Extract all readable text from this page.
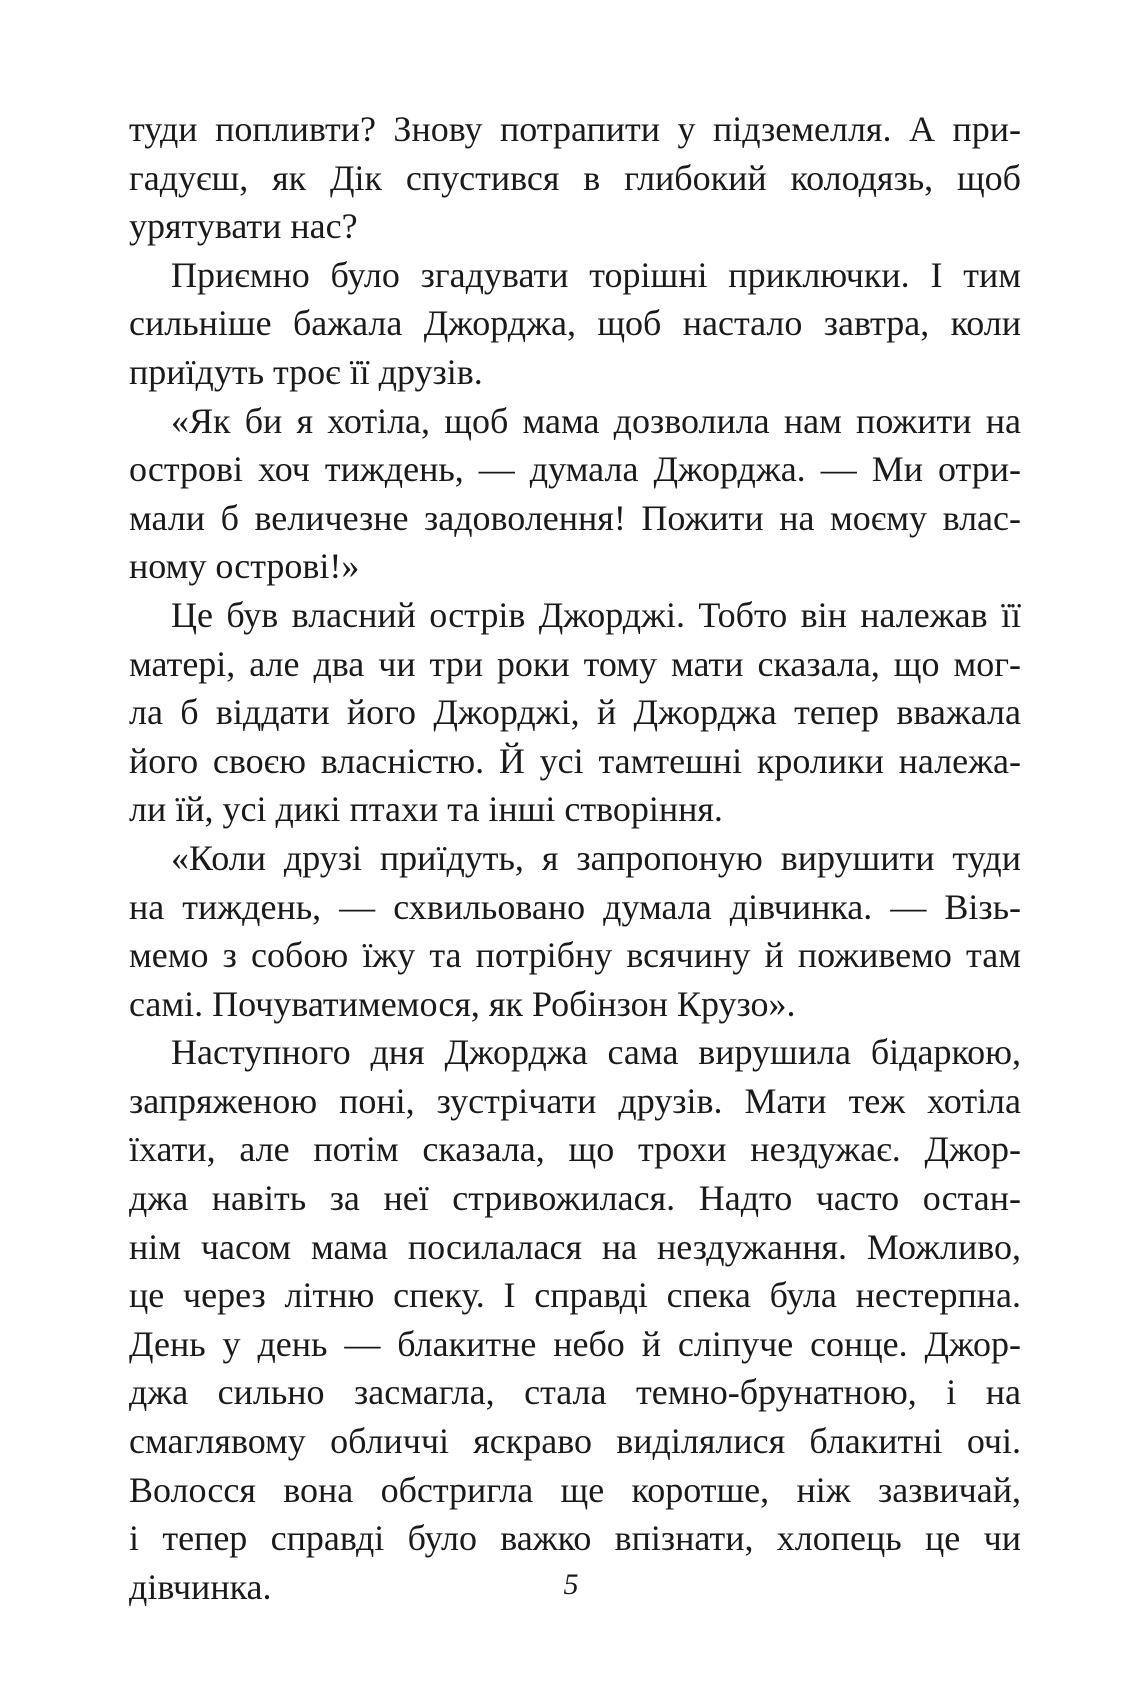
туди попливти? Знову потрапити у підземелля. А при-
гадуєш, як Дік спустився в глибокий колодязь, щоб
урятувати нас?
Приємно було згадувати торішні приключки. І тим
сильніше бажала Джорджа, щоб настало завтра, коли
приїдуть троє її друзів.
«Як би я хотіла, щоб мама дозволила нам пожити на
острові хоч тиждень, — думала Джорджа. — Ми отри-
мали б величезне задоволення! Пожити на моєму влас-
ному острові!»
Це був власний острів Джорджі. Тобто він належав її
матері, але два чи три роки тому мати сказала, що мог-
ла б віддати його Джорджі, й Джорджа тепер вважала
його своєю власністю. Й усі тамтешні кролики належа-
ли їй, усі дикі птахи та інші створіння.
«Коли друзі приїдуть, я запропоную вирушити туди
на тиждень, — схвильовано думала дівчинка. — Візь-
мемо з собою їжу та потрібну всячину й поживемо там
самі. Почуватимемося, як Робінзон Крузо».
Наступного дня Джорджа сама вирушила бідаркою,
запряженою поні, зустрічати друзів. Мати теж хотіла
їхати, але потім сказала, що трохи нездужає. Джор-
джа навіть за неї стривожилася. Надто часто остан-
нім часом мама посилалася на нездужання. Можливо,
це через літню спеку. І справді спека була нестерпна.
День у день — блакитне небо й сліпуче сонце. Джор-
джа сильно засмагла, стала темно-брунатною, і на
смаглявому обличчі яскраво виділялися блакитні очі.
Волосся вона обстригла ще коротше, ніж зазвичай,
і тепер справді було важко впізнати, хлопець це чи
дівчинка.	5
